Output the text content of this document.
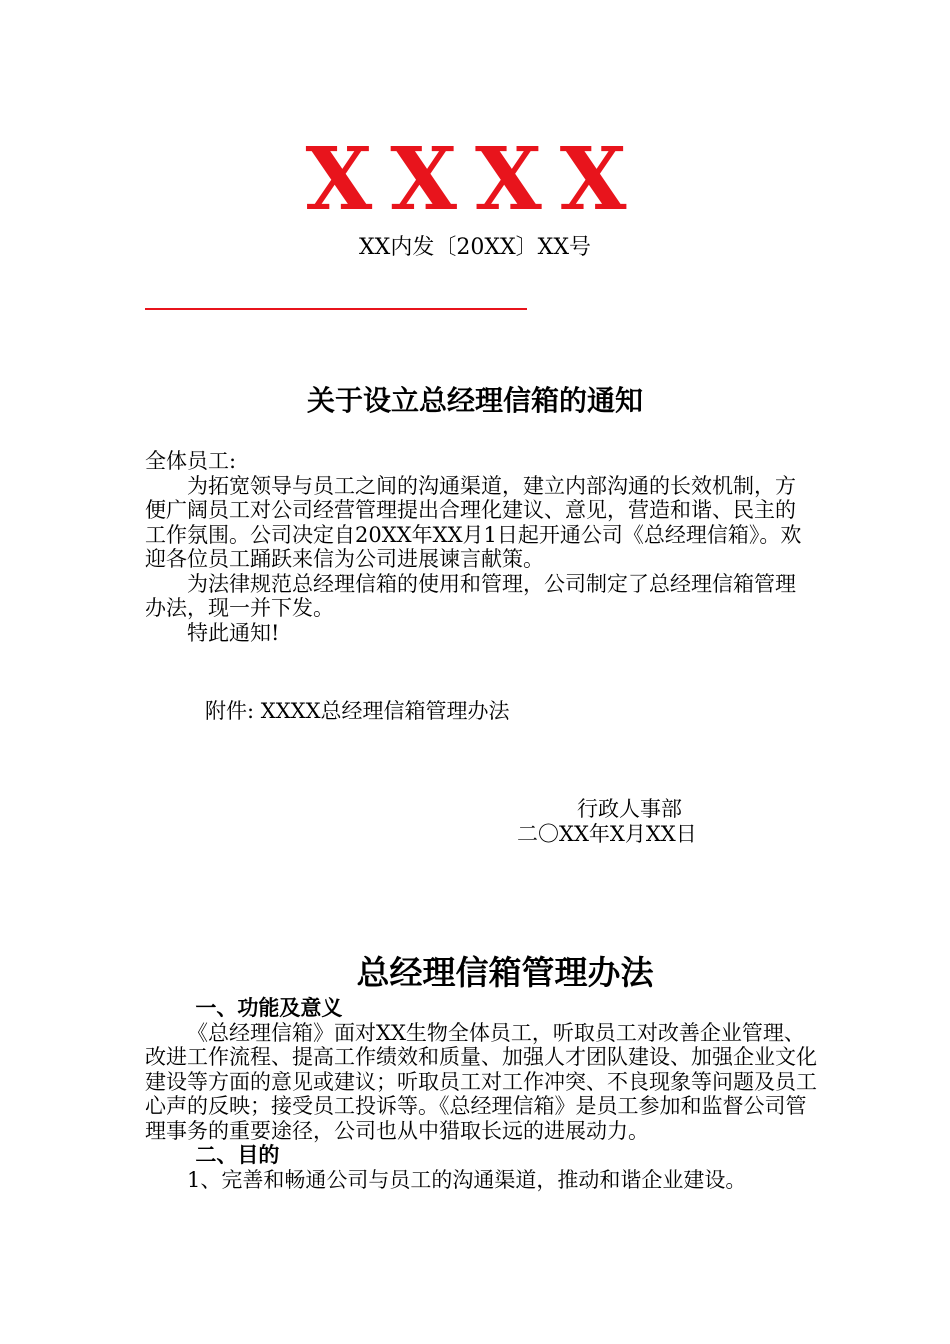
XXXX
XX内发〔20XX〕XX号
关于设立总经理信箱的通知

全体员工:

为拓宽领导与员工之间的沟通渠道，建立内部沟通的长效机制，方便广阔员工对公司经营管理提出合理化建议、意见，营造和谐、民主的工作氛围。公司决定自20XX年XX月1日起开通公司《总经理信箱》。欢迎各位员工踊跃来信为公司进展谏言献策。

为法律规范总经理信箱的使用和管理，公司制定了总经理信箱管理办法，现一并下发。

特此通知!

附件: XXXX总经理信箱管理办法
行政人事部
二〇XX年X月XX日
总经理信箱管理办法

一、功能及意义

《总经理信箱》面对XX生物全体员工，听取员工对改善企业管理、改进工作流程、提高工作绩效和质量、加强人才团队建设、加强企业文化建设等方面的意见或建议；听取员工对工作冲突、不良现象等问题及员工心声的反映；接受员工投诉等。《总经理信箱》是员工参加和监督公司管理事务的重要途径，公司也从中猎取长远的进展动力。

二、目的

1、完善和畅通公司与员工的沟通渠道，推动和谐企业建设。
